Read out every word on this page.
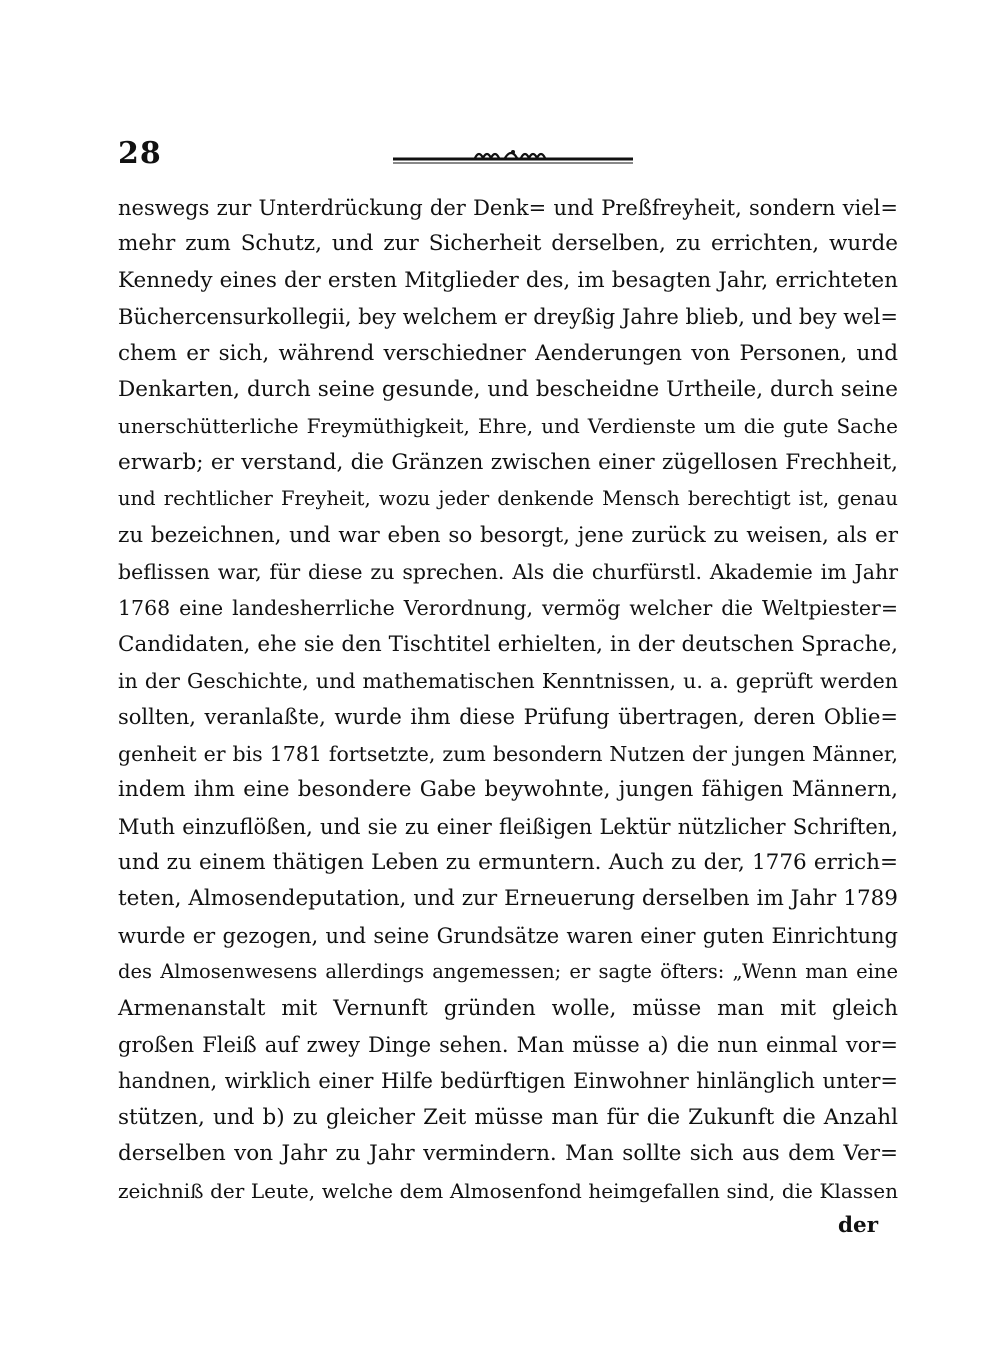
28
neswegs zur Unterdrückung der Denk= und Preßfreyheit, sondern viel=
mehr zum Schutz, und zur Sicherheit derselben, zu errichten, wurde
Kennedy eines der ersten Mitglieder des, im besagten Jahr, errichteten
Büchercensurkollegii, bey welchem er dreyßig Jahre blieb, und bey wel=
chem er sich, während verschiedner Aenderungen von Personen, und
Denkarten, durch seine gesunde, und bescheidne Urtheile, durch seine
unerschütterliche Freymüthigkeit, Ehre, und Verdienste um die gute Sache
erwarb; er verstand, die Gränzen zwischen einer zügellosen Frechheit,
und rechtlicher Freyheit, wozu jeder denkende Mensch berechtigt ist, genau
zu bezeichnen, und war eben so besorgt, jene zurück zu weisen, als er
beflissen war, für diese zu sprechen. Als die churfürstl. Akademie im Jahr
1768 eine landesherrliche Verordnung, vermög welcher die Weltpiester=
Candidaten, ehe sie den Tischtitel erhielten, in der deutschen Sprache,
in der Geschichte, und mathematischen Kenntnissen, u. a. geprüft werden
sollten, veranlaßte, wurde ihm diese Prüfung übertragen, deren Oblie=
genheit er bis 1781 fortsetzte, zum besondern Nutzen der jungen Männer,
indem ihm eine besondere Gabe beywohnte, jungen fähigen Männern,
Muth einzuflößen, und sie zu einer fleißigen Lektür nützlicher Schriften,
und zu einem thätigen Leben zu ermuntern. Auch zu der, 1776 errich=
teten, Almosendeputation, und zur Erneuerung derselben im Jahr 1789
wurde er gezogen, und seine Grundsätze waren einer guten Einrichtung
des Almosenwesens allerdings angemessen; er sagte öfters: „Wenn man eine
Armenanstalt mit Vernunft gründen wolle, müsse man mit gleich
großen Fleiß auf zwey Dinge sehen. Man müsse a) die nun einmal vor=
handnen, wirklich einer Hilfe bedürftigen Einwohner hinlänglich unter=
stützen, und b) zu gleicher Zeit müsse man für die Zukunft die Anzahl
derselben von Jahr zu Jahr vermindern. Man sollte sich aus dem Ver=
zeichniß der Leute, welche dem Almosenfond heimgefallen sind, die Klassen
der
